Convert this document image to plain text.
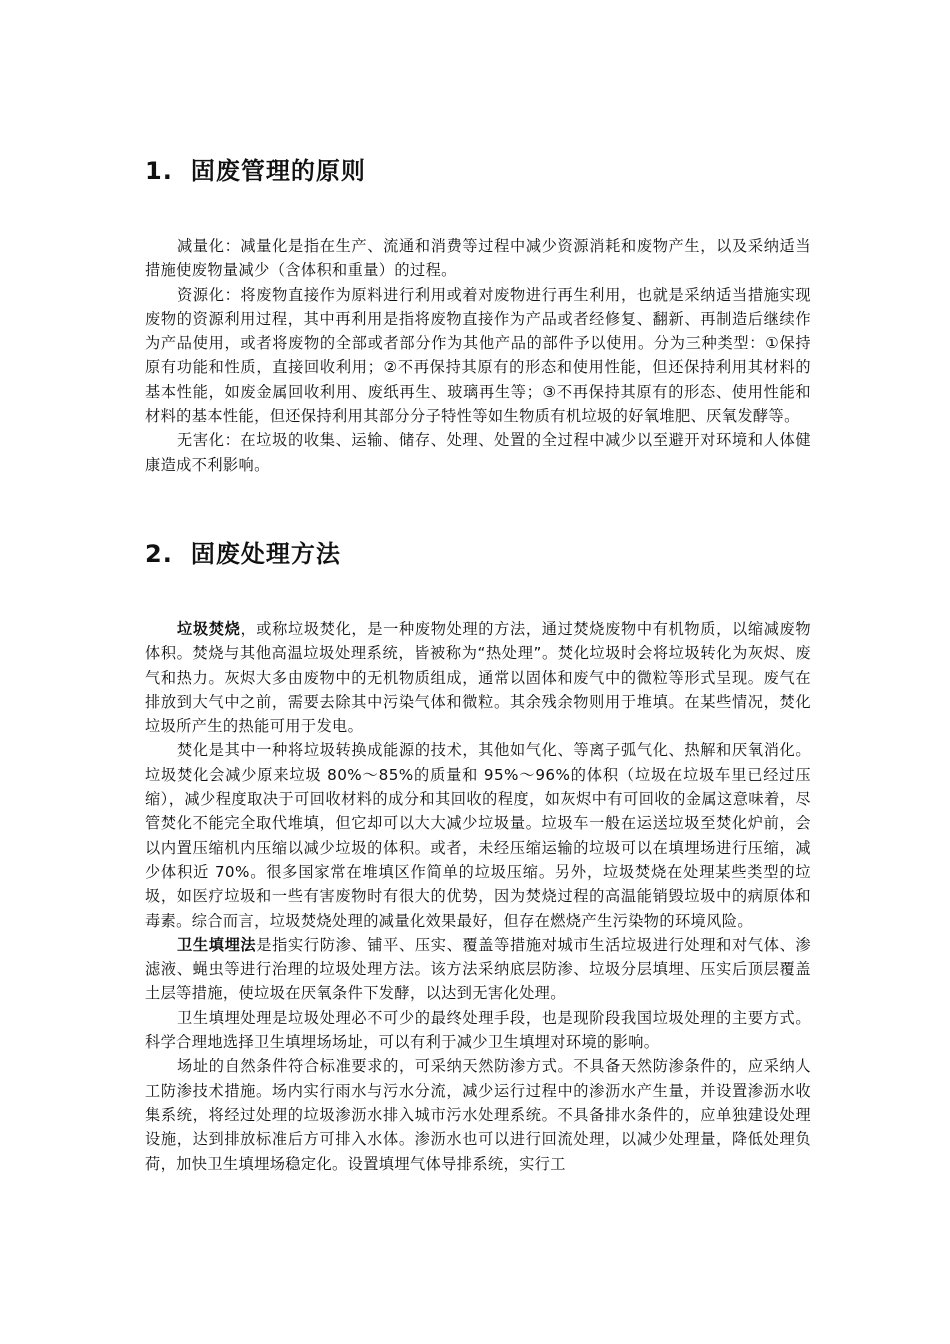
1. 固废管理的原则

减量化：减量化是指在生产、流通和消费等过程中减少资源消耗和废物产生，以及采纳适当措施使废物量减少（含体积和重量）的过程。

资源化：将废物直接作为原料进行利用或着对废物进行再生利用，也就是采纳适当措施实现废物的资源利用过程，其中再利用是指将废物直接作为产品或者经修复、翻新、再制造后继续作为产品使用，或者将废物的全部或者部分作为其他产品的部件予以使用。分为三种类型：①保持原有功能和性质，直接回收利用；②不再保持其原有的形态和使用性能，但还保持利用其材料的基本性能，如废金属回收利用、废纸再生、玻璃再生等；③不再保持其原有的形态、使用性能和材料的基本性能，但还保持利用其部分分子特性等如生物质有机垃圾的好氧堆肥、厌氧发酵等。

无害化：在垃圾的收集、运输、储存、处理、处置的全过程中减少以至避开对环境和人体健康造成不利影响。

2. 固废处理方法

垃圾焚烧，或称垃圾焚化，是一种废物处理的方法，通过焚烧废物中有机物质，以缩减废物体积。焚烧与其他高温垃圾处理系统，皆被称为“热处理”。焚化垃圾时会将垃圾转化为灰烬、废气和热力。灰烬大多由废物中的无机物质组成，通常以固体和废气中的微粒等形式呈现。废气在排放到大气中之前，需要去除其中污染气体和微粒。其余残余物则用于堆填。在某些情况，焚化垃圾所产生的热能可用于发电。

焚化是其中一种将垃圾转换成能源的技术，其他如气化、等离子弧气化、热解和厌氧消化。垃圾焚化会减少原来垃圾 80%～85%的质量和 95%～96%的体积（垃圾在垃圾车里已经过压缩），减少程度取决于可回收材料的成分和其回收的程度，如灰烬中有可回收的金属这意味着，尽管焚化不能完全取代堆填，但它却可以大大减少垃圾量。垃圾车一般在运送垃圾至焚化炉前，会以内置压缩机内压缩以减少垃圾的体积。或者，未经压缩运输的垃圾可以在填埋场进行压缩，减少体积近 70%。很多国家常在堆填区作简单的垃圾压缩。另外，垃圾焚烧在处理某些类型的垃圾，如医疗垃圾和一些有害废物时有很大的优势，因为焚烧过程的高温能销毁垃圾中的病原体和毒素。综合而言，垃圾焚烧处理的减量化效果最好，但存在燃烧产生污染物的环境风险。

卫生填埋法是指实行防渗、铺平、压实、覆盖等措施对城市生活垃圾进行处理和对气体、渗滤液、蝇虫等进行治理的垃圾处理方法。该方法采纳底层防渗、垃圾分层填埋、压实后顶层覆盖土层等措施，使垃圾在厌氧条件下发酵，以达到无害化处理。

卫生填埋处理是垃圾处理必不可少的最终处理手段，也是现阶段我国垃圾处理的主要方式。科学合理地选择卫生填埋场场址，可以有利于减少卫生填埋对环境的影响。

场址的自然条件符合标准要求的，可采纳天然防渗方式。不具备天然防渗条件的，应采纳人工防渗技术措施。场内实行雨水与污水分流，减少运行过程中的渗沥水产生量，并设置渗沥水收集系统，将经过处理的垃圾渗沥水排入城市污水处理系统。不具备排水条件的，应单独建设处理设施，达到排放标准后方可排入水体。渗沥水也可以进行回流处理，以减少处理量，降低处理负荷，加快卫生填埋场稳定化。设置填埋气体导排系统，实行工
